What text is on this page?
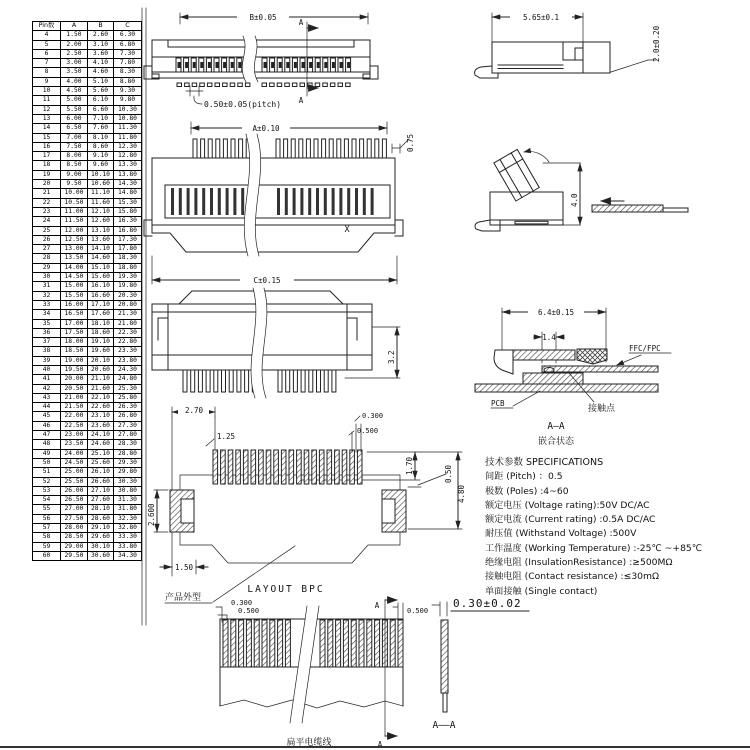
Pin数	A	B	C
4	1.50	2.60	6.30
5	2.00	3.10	6.80
6	2.50	3.60	7.30
7	3.00	4.10	7.80
8	3.50	4.60	8.30
9	4.00	5.10	8.80
10	4.50	5.60	9.30
11	5.00	6.10	9.80
12	5.50	6.60	10.30
13	6.00	7.10	10.80
14	6.50	7.60	11.30
15	7.00	8.10	11.80
16	7.50	8.60	12.30
17	8.00	9.10	12.80
18	8.50	9.60	13.30
19	9.00	10.10	13.80
20	9.50	10.60	14.30
21	10.00	11.10	14.80
22	10.50	11.60	15.30
23	11.00	12.10	15.80
24	11.50	12.60	16.30
25	12.00	13.10	16.80
26	12.50	13.60	17.30
27	13.00	14.10	17.80
28	13.50	14.60	18.30
29	14.00	15.10	18.80
30	14.50	15.60	19.30
31	15.00	16.10	19.80
32	15.50	16.60	20.30
33	16.00	17.10	20.80
34	16.50	17.60	21.30
35	17.00	18.10	21.80
36	17.50	18.60	22.30
37	18.00	19.10	22.80
38	18.50	19.60	23.30
39	19.00	20.10	23.80
40	19.50	20.60	24.30
41	20.00	21.10	24.80
42	20.50	21.60	25.30
43	21.00	22.10	25.80
44	21.50	22.60	26.30
45	22.00	23.10	26.80
46	22.50	23.60	27.30
47	23.00	24.10	27.80
48	23.50	24.60	28.30
49	24.00	25.10	28.80
50	24.50	25.60	29.30
51	25.00	26.10	29.80
52	25.50	26.60	30.30
53	26.00	27.10	30.80
54	26.50	27.60	31.30
55	27.00	28.10	31.80
56	27.50	28.60	32.30
57	28.00	29.10	32.80
58	28.50	29.60	33.30
59	29.00	30.10	33.80
60	29.50	30.60	34.30
B±0.05
A
A
0.50±0.05(pitch)
A±0.10
0.75
X
C±0.15
5.65±0.1
2.0±0.20
4.0
3.2
6.4±0.15
1.4
FFC/FPC
PCB
接触点
A—A
嵌合状态
2.70
1.25
0.300
0.500
2.600
1.50
1.70	0.50
4.80
LAYOUT BPC
产品外型	0.300
0.500
A
A
0.500
0.30±0.02
A——A
扁平电缆线
技术参数 SPECIFICATIONS
间距 (Pitch) ：0.5
极数 (Poles) :4~60
额定电压 (Voltage rating):50V DC/AC
额定电流 (Current rating) :0.5A DC/AC
耐压值 (Withstand Voltage) :500V
工作温度 (Working Temperature) :-25℃ ~+85℃
绝缘电阻 (InsulationResistance) :≥500MΩ
接触电阻 (Contact resistance) :≤30mΩ
单面接触 (Single contact)
